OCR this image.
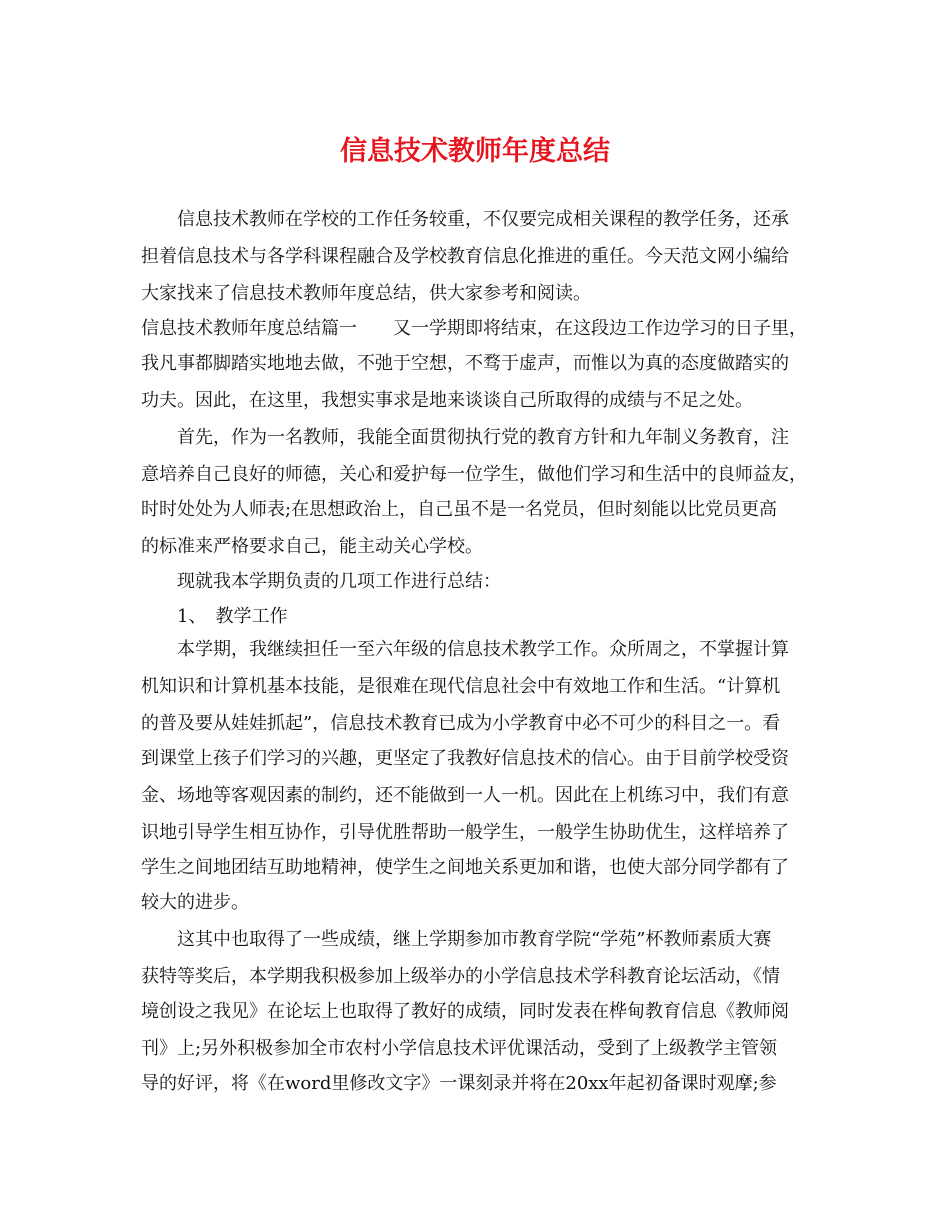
信息技术教师年度总结
　　信息技术教师在学校的工作任务较重，不仅要完成相关课程的教学任务，还承
担着信息技术与各学科课程融合及学校教育信息化推进的重任。今天范文网小编给
大家找来了信息技术教师年度总结，供大家参考和阅读。
信息技术教师年度总结篇一　　又一学期即将结束，在这段边工作边学习的日子里，
我凡事都脚踏实地地去做，不弛于空想，不骛于虚声，而惟以为真的态度做踏实的
功夫。因此，在这里，我想实事求是地来谈谈自己所取得的成绩与不足之处。
　　首先，作为一名教师，我能全面贯彻执行党的教育方针和九年制义务教育，注
意培养自己良好的师德，关心和爱护每一位学生，做他们学习和生活中的良师益友，
时时处处为人师表;在思想政治上，自己虽不是一名党员，但时刻能以比党员更高
的标准来严格要求自己，能主动关心学校。
　　现就我本学期负责的几项工作进行总结：
　　1、　教学工作
　　本学期，我继续担任一至六年级的信息技术教学工作。众所周之，不掌握计算
机知识和计算机基本技能，是很难在现代信息社会中有效地工作和生活。“计算机
的普及要从娃娃抓起”，信息技术教育已成为小学教育中必不可少的科目之一。看
到课堂上孩子们学习的兴趣，更坚定了我教好信息技术的信心。由于目前学校受资
金、场地等客观因素的制约，还不能做到一人一机。因此在上机练习中，我们有意
识地引导学生相互协作，引导优胜帮助一般学生，一般学生协助优生，这样培养了
学生之间地团结互助地精神，使学生之间地关系更加和谐，也使大部分同学都有了
较大的进步。
　　这其中也取得了一些成绩，继上学期参加市教育学院“学苑”杯教师素质大赛
获特等奖后，本学期我积极参加上级举办的小学信息技术学科教育论坛活动，《情
境创设之我见》在论坛上也取得了教好的成绩，同时发表在桦甸教育信息《教师阅
刊》上;另外积极参加全市农村小学信息技术评优课活动，受到了上级教学主管领
导的好评，将《在word里修改文字》一课刻录并将在20xx年起初备课时观摩;参
